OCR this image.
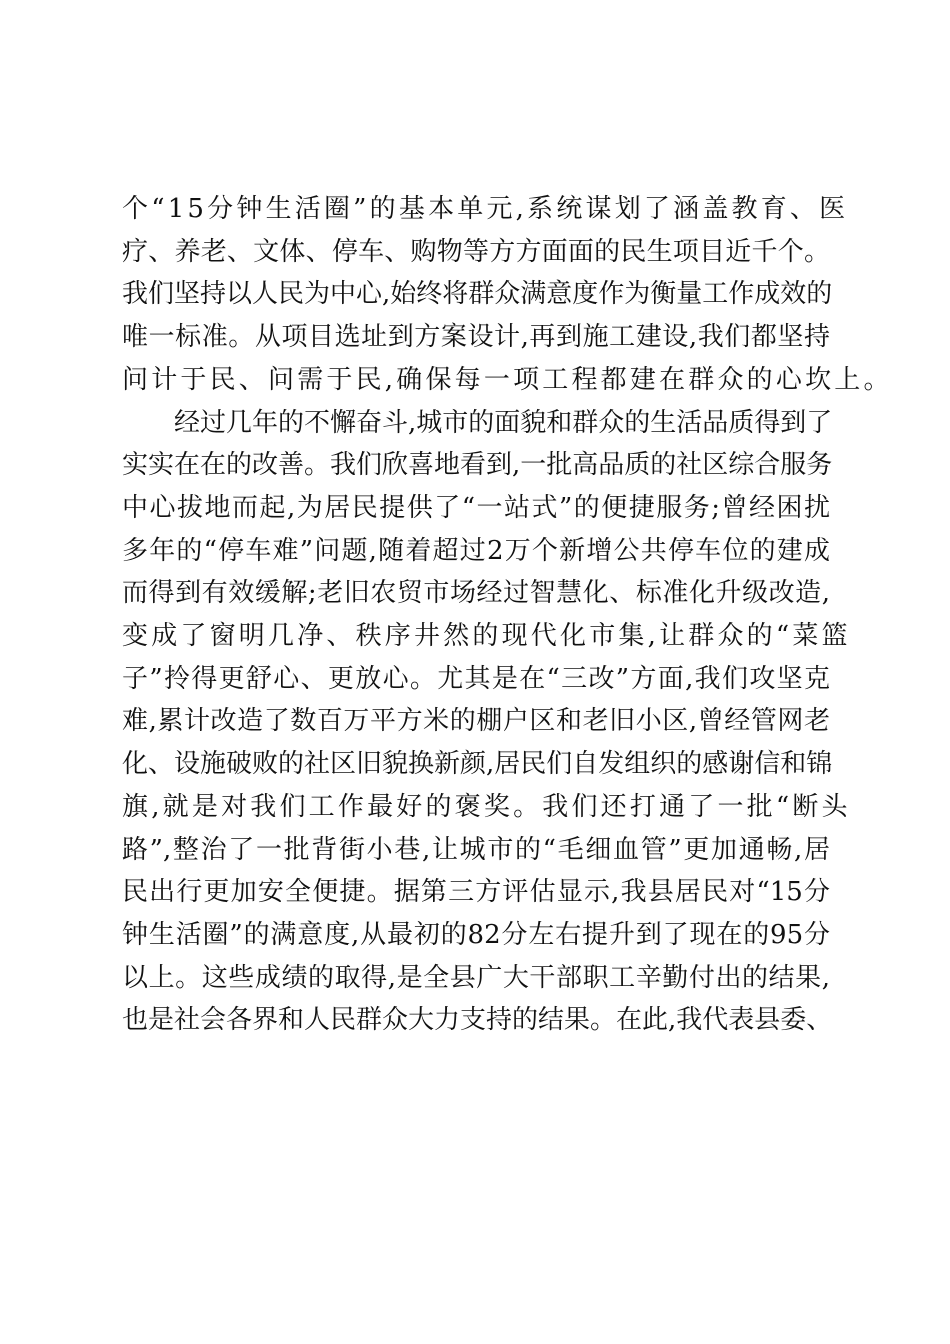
个“15分钟生活圈”的基本单元,系统谋划了涵盖教育、医
疗、养老、文体、停车、购物等方方面面的民生项目近千个。
我们坚持以人民为中心,始终将群众满意度作为衡量工作成效的
唯一标准。从项目选址到方案设计,再到施工建设,我们都坚持
问计于民、问需于民,确保每一项工程都建在群众的心坎上。
　　经过几年的不懈奋斗,城市的面貌和群众的生活品质得到了
实实在在的改善。我们欣喜地看到,一批高品质的社区综合服务
中心拔地而起,为居民提供了“一站式”的便捷服务;曾经困扰
多年的“停车难”问题,随着超过2万个新增公共停车位的建成
而得到有效缓解;老旧农贸市场经过智慧化、标准化升级改造,
变成了窗明几净、秩序井然的现代化市集,让群众的“菜篮
子”拎得更舒心、更放心。尤其是在“三改”方面,我们攻坚克
难,累计改造了数百万平方米的棚户区和老旧小区,曾经管网老
化、设施破败的社区旧貌换新颜,居民们自发组织的感谢信和锦
旗,就是对我们工作最好的褒奖。我们还打通了一批“断头
路”,整治了一批背街小巷,让城市的“毛细血管”更加通畅,居
民出行更加安全便捷。据第三方评估显示,我县居民对“15分
钟生活圈”的满意度,从最初的82分左右提升到了现在的95分
以上。这些成绩的取得,是全县广大干部职工辛勤付出的结果,
也是社会各界和人民群众大力支持的结果。在此,我代表县委、
